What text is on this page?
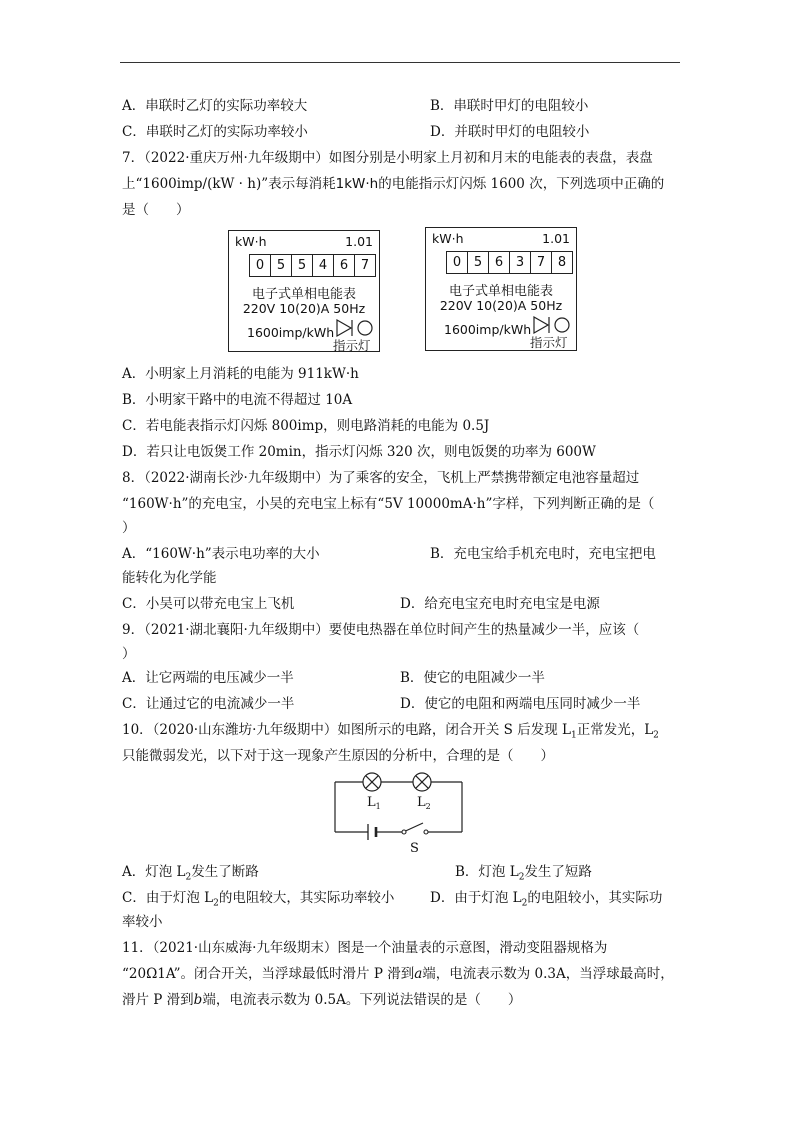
A．串联时乙灯的实际功率较大	B．串联时甲灯的电阻较小
C．串联时乙灯的实际功率较小	D．并联时甲灯的电阻较小
7．（2022·重庆万州·九年级期中）如图分别是小明家上月初和月末的电能表的表盘，表盘
上“1600imp/(kW · h)”表示每消耗1kW·h的电能指示灯闪烁 1600 次，下列选项中正确的
是（　　）
kW·h	1.01
0 5 5 4 6 7
电子式单相电能表
220V 10(20)A 50Hz
1600imp/kWh
指示灯
kW·h	1.01
0 5 6 3 7 8
电子式单相电能表
220V 10(20)A 50Hz
1600imp/kWh
指示灯
A．小明家上月消耗的电能为 911kW·h
B．小明家干路中的电流不得超过 10A
C．若电能表指示灯闪烁 800imp，则电路消耗的电能为 0.5J
D．若只让电饭煲工作 20min，指示灯闪烁 320 次，则电饭煲的功率为 600W
8．（2022·湖南长沙·九年级期中）为了乘客的安全，飞机上严禁携带额定电池容量超过
“160W·h”的充电宝，小吴的充电宝上标有“5V 10000mA·h”字样，下列判断正确的是（
）
A．“160W·h”表示电功率的大小	B．充电宝给手机充电时，充电宝把电
能转化为化学能
C．小吴可以带充电宝上飞机	D．给充电宝充电时充电宝是电源
9．（2021·湖北襄阳·九年级期中）要使电热器在单位时间产生的热量减少一半，应该（
）
A．让它两端的电压减少一半	B．使它的电阻减少一半
C．让通过它的电流减少一半	D．使它的电阻和两端电压同时减少一半
10．（2020·山东潍坊·九年级期中）如图所示的电路，闭合开关 S 后发现 $L_1$正常发光，$L_2$
只能微弱发光，以下对于这一现象产生原因的分析中，合理的是（　　）
$L_1$	$L_2$
S
A．灯泡 $L_2$发生了断路	B．灯泡 $L_2$发生了短路
C．由于灯泡 $L_2$的电阻较大，其实际功率较小	D．由于灯泡 $L_2$的电阻较小，其实际功
率较小
11．（2021·山东威海·九年级期末）图是一个油量表的示意图，滑动变阻器规格为
“20Ω1A”。闭合开关，当浮球最低时滑片 P 滑到a端，电流表示数为 0.3A，当浮球最高时，
滑片 P 滑到b端，电流表示数为 0.5A。下列说法错误的是（　　）
